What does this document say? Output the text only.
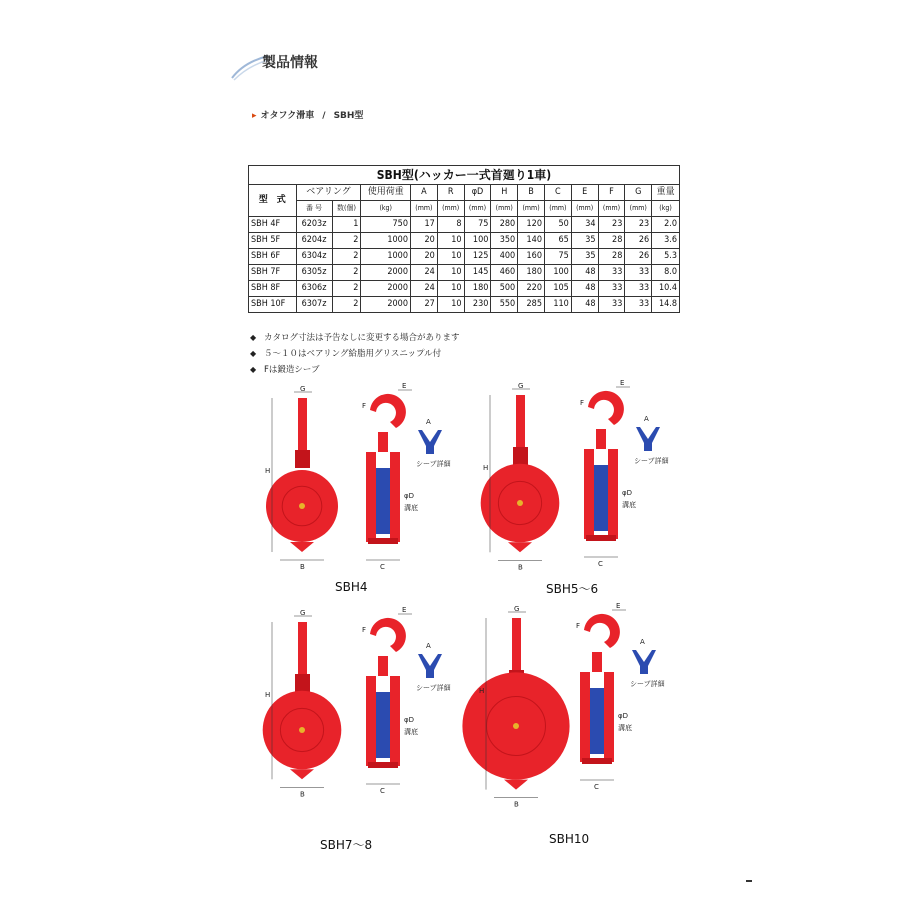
製品情報
▸ オタフク滑車 / SBH型
SBH型(ハッカー一式首廻り1車)													
型　式	ベアリング		使用荷重	A	R	φD	H	B	C	E	F	G	重量
	番 号	数(個)	(kg)	(mm)	(mm)	(mm)	(mm)	(mm)	(mm)	(mm)	(mm)	(mm)	(kg)
SBH 4F	6203z	1	750	17	8	75	280	120	50	34	23	23	2.0
SBH 5F	6204z	2	1000	20	10	100	350	140	65	35	28	26	3.6
SBH 6F	6304z	2	1000	20	10	125	400	160	75	35	28	26	5.3
SBH 7F	6305z	2	2000	24	10	145	460	180	100	48	33	33	8.0
SBH 8F	6306z	2	2000	24	10	180	500	220	105	48	33	33	10.4
SBH 10F	6307z	2	2000	27	10	230	550	285	110	48	33	33	14.8
◆ カタログ寸法は予告なしに変更する場合があります
◆ ５～１０はベアリング給脂用グリスニップル付
◆ Fは鍛造シーブ
H
B	C
G	E
F
A
シーブ詳細
φD
溝底
H
B	C
G	E
F
A
シーブ詳細
φD
溝底
H
B	C
G	E
F
A
シーブ詳細
φD
溝底
H
B
C
G	E
F
A
シーブ詳細
φD
溝底
SBH4	SBH5～6
SBH7～8	SBH10
